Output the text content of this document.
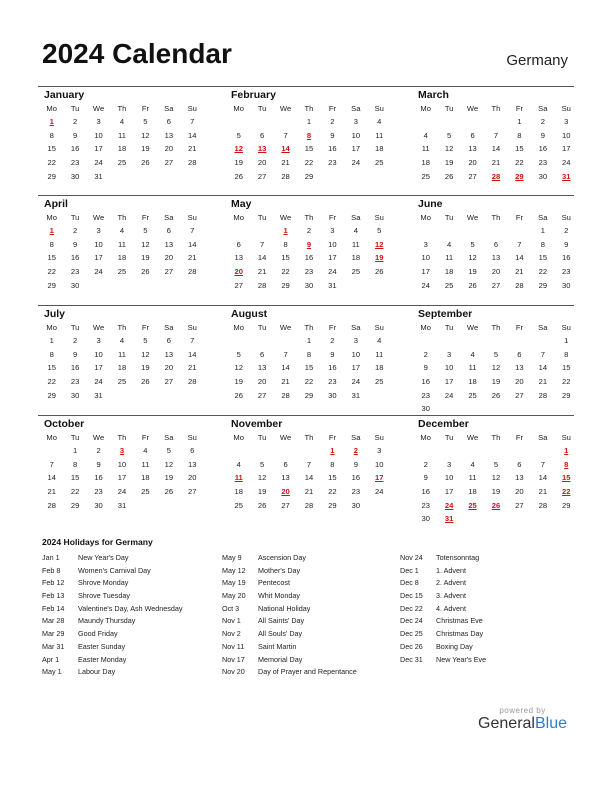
2024 Calendar	Germany
January
Mo	Tu	We	Th	Fr	Sa	Su
1	2	3	4	5	6	7
8	9	10	11	12	13	14
15	16	17	18	19	20	21
22	23	24	25	26	27	28
29	30	31				
February
Mo	Tu	We	Th	Fr	Sa	Su
			1	2	3	4
5	6	7	8	9	10	11
12	13	14	15	16	17	18
19	20	21	22	23	24	25
26	27	28	29			
March
Mo	Tu	We	Th	Fr	Sa	Su
				1	2	3
4	5	6	7	8	9	10
11	12	13	14	15	16	17
18	19	20	21	22	23	24
25	26	27	28	29	30	31
April
Mo	Tu	We	Th	Fr	Sa	Su
1	2	3	4	5	6	7
8	9	10	11	12	13	14
15	16	17	18	19	20	21
22	23	24	25	26	27	28
29	30					
May
Mo	Tu	We	Th	Fr	Sa	Su
		1	2	3	4	5
6	7	8	9	10	11	12
13	14	15	16	17	18	19
20	21	22	23	24	25	26
27	28	29	30	31		
June
Mo	Tu	We	Th	Fr	Sa	Su
					1	2
3	4	5	6	7	8	9
10	11	12	13	14	15	16
17	18	19	20	21	22	23
24	25	26	27	28	29	30
July
Mo	Tu	We	Th	Fr	Sa	Su
1	2	3	4	5	6	7
8	9	10	11	12	13	14
15	16	17	18	19	20	21
22	23	24	25	26	27	28
29	30	31				
August
Mo	Tu	We	Th	Fr	Sa	Su
			1	2	3	4
5	6	7	8	9	10	11
12	13	14	15	16	17	18
19	20	21	22	23	24	25
26	27	28	29	30	31	
September
Mo	Tu	We	Th	Fr	Sa	Su
						1
2	3	4	5	6	7	8
9	10	11	12	13	14	15
16	17	18	19	20	21	22
23	24	25	26	27	28	29
30						
October
Mo	Tu	We	Th	Fr	Sa	Su
	1	2	3	4	5	6
7	8	9	10	11	12	13
14	15	16	17	18	19	20
21	22	23	24	25	26	27
28	29	30	31			
November
Mo	Tu	We	Th	Fr	Sa	Su
				1	2	3
4	5	6	7	8	9	10
11	12	13	14	15	16	17
18	19	20	21	22	23	24
25	26	27	28	29	30	
December
Mo	Tu	We	Th	Fr	Sa	Su
						1
2	3	4	5	6	7	8
9	10	11	12	13	14	15
16	17	18	19	20	21	22
23	24	25	26	27	28	29
30	31					
2024 Holidays for Germany
Jan 1	New Year's Day
Feb 8 Women's Carnival Day
Feb 12 Shrove Monday
Feb 13 Shrove Tuesday
Feb 14 Valentine's Day, Ash Wednesday
Mar 28 Maundy Thursday
Mar 29 Good Friday
Mar 31 Easter Sunday
Apr 1	Easter Monday
May 1 Labour Day
May 9 Ascension Day
May 12 Mother's Day
May 19 Pentecost
May 20 Whit Monday
Oct 3	National Holiday
Nov 1 All Saints' Day
Nov 2 All Souls' Day
Nov 11 Saint Martin
Nov 17 Memorial Day
Nov 20 Day of Prayer and Repentance
Nov 24 Totensonntag
Dec 1 1. Advent
Dec 8 2. Advent
Dec 15 3. Advent
Dec 22 4. Advent
Dec 24 Christmas Eve
Dec 25 Christmas Day
Dec 26 Boxing Day
Dec 31 New Year's Eve
powered by
GeneralBlue
